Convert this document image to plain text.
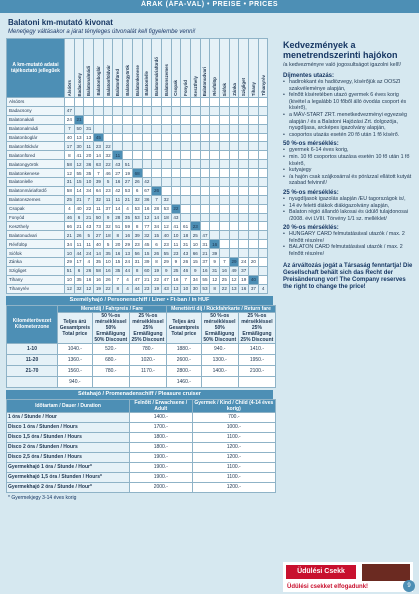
ÁRAK (ÁFA-VAL) • PREISE • PRICES
Balatoni km-mutató kivonat
Menetjegy váltásakor a járat tényleges útvonalát kell figyelembe venni!
A km-mutató adatai tájékoztató jellegűek	Alsóörs	Badacsony	Balatonalmádi	Balatonboglár	Balatonföldvár	Balatonfüred	Balatongyörök	Balatonkenese	Balatonlelle	Balatonmáriafürdő	Balatonszemes	Csopak	Fonyód	Keszthely	Balatonudvari	Révfülöp	Siófok	Zánka	Szigliget	Tihany	Tihanyrév
Alsóörs																					
Badacsony	47																				
Balatonakali	24	21																			
Balatonalmádi	7	50	31																		
Balatonboglár	40	13	13	45																	
Balatonföldvár	17	30	11	23	22																
Balatonfüred	8	41	20	14	32	11															
Balatongyörök	58	12	36	63	22	43	51														
Balatonkenese	12	55	35	7	46	27	19	68													
Balatonlelle	31	15	10	39	5	16	27	26	42												
Balatonmáriafürdő	58	14	34	64	23	42	53	6	67	26											
Balatonszemes	25	21	7	32	11	11	21	32	36	7	32										
Csopak	4	40	22	11	37	14	4	53	16	28	53	22									
Fonyód	46	6	21	50	9	28	35	53	12	14	18	43									
Keszthely	66	21	43	73	32	51	59	8	77	34	12	41	61	23							
Balatonudvari	21	26	5	27	18	8	16	39	32	15	40	10	18	25	47						
Révfülöp	34	11	11	40	5	20	29	23	45	6	23	11	31	10	31	16					
Siófok	10	44	24	14	35	16	13	56	15	26	55	23	43	66	21	39					
Zánka	29	17	4	35	10	15	24	31	39	8	29	9	26	15	37	9	7	29	24	20	
Szigliget	51	6	26	58	16	35	44	8	60	19	9	25	46	9	16	31	16	49	37		
Tihany	10	35	16	16	26	7	4	47	21	22	47	16	7	34	55	12	25	12	19	40	
Tihanyrév	12	32	12	19	22	8	4	44	23	19	43	13	10	30	53	8	22	13	16	37	4
Személyhajó / Personenschiff / Liner • Ft-ban / in HUF
Kilométerövezet Kilometerzone	Menetdíj / Fahrpreis / Fare			Menettérti díj / Rückfahrkarte / Return fare		
	Teljes árú Gesamtpreis Total price	50 %-os mérsékléssel 50% Ermäßigung 50% Discount	25 %-os mérsékléssel 25% Ermäßigung 25% Discount	Teljes árú Gesamtpreis Total price	50 %-os mérsékléssel 50% Ermäßigung 50% Discount	25 %-os mérsékléssel 25% Ermäßigung 25% Discount
1-10	1040.-	520.-	780.-	1880.-	940.-	1410.-
11-20	1360.-	680.-	1020.-	2600.-	1300.-	1950.-
21-70	1560.-	780.-	1170.-	2800.-	1400.-	2100.-
	940.-			1460.-		
Sétahajó / Promenadenschiff / Pleasure cruiser
Időtartam / Dauer / Duration	Felnőtt / Erwachsene / Adult	Gyermek / Kind / Child (4-14 éves korig)
1 óra / Stunde / Hour	1400.-	700.-
Disco 1 óra / Stunden / Hours	1700.-	1000.-
Disco 1,5 óra / Stunden / Hours	1800.-	1100.-
Disco 2 óra / Stunden / Hours	1800.-	1200.-
Disco 2,5 óra / Stunden / Hours	1900.-	1200.-
Gyermekhajó 1 óra / Stunde / Hour*	1900.-	1100.-
Gyermekhajó 1,5 óra / Stunden / Hours*	1900.-	1100.-
Gyermekhajó 2 óra / Stunde / Hour*	2000.-	1200.-
* Gyermekjegy 3-14 éves korig
Kedvezmények a menetrendszerinti hajókon
/a kedvezményre való jogosultságot igazolni kell!/
Díjmentes utazás:
• hadirokkant és hadiözvegy, kísérőjük az OOSZI szakvéleménye alapján,
• felnőtt kíséretében utazó gyermek 6 éves korig (kivétel a legalább 10 főből álló óvodás csoport és kísérő),
• a MÁV-START ZRT. menetkedvezményi egyezség alapján / és a Balatoni Hajózási Zrt. dolgozója, nyugdíjasa, arcképes igazolvány alapján,
• csoportos utazás esetén 20 fő után 1 fő kísérő.
50 %-os mérséklés:
• gyermek 6-14 éves korig,
• min. 10 fő csoportos utazása esetén 10 fő után 1 fő kísérő,
• kutyajegy
• /a hajón csak szájkosárral és pórázzal ellátott kutyát szabad felvinni!/
25 %-os mérséklés:
• nyugdíjasok igazolás alapján /EU tagországok is/,
• 14 év feletti diákok diákigazolvány alapján,
• Balaton régió állandó lakosai és üdülő tulajdonosai /2008. évi LVIII. Törvény 1/1 sz. melléklet/
20 %-os mérséklés:
• HUNGARY CARD felmutatásával utazók / max. 2 felnőtt részére/
• BALATON CARD felmutatásával utazók / max. 2 felnőtt részére/
Az árváltozás jogát a Társaság fenntartja! Die Gesellschaft behält sich das Recht der Preisänderung vor! The Company reserves the right to change the price!
Üdülési Csekk
Üdülési csekket elfogadunk!	9
